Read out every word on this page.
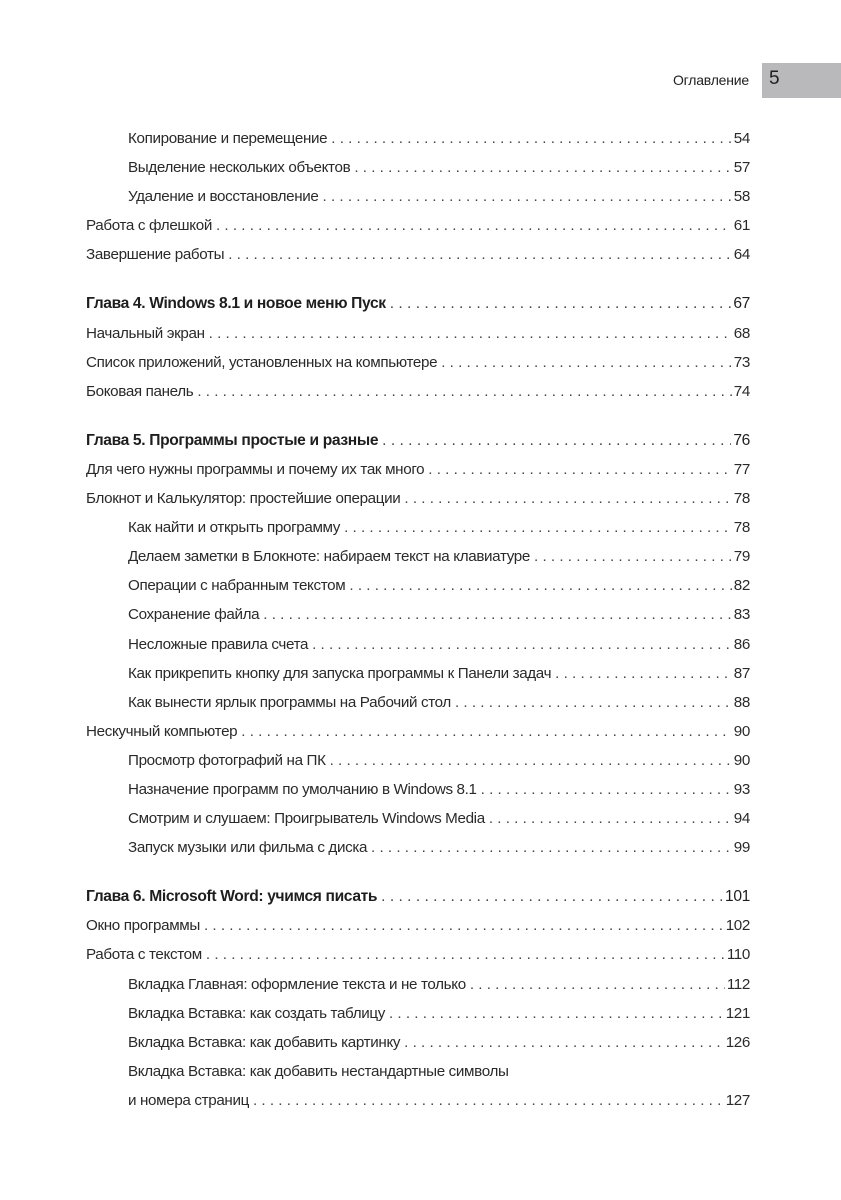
Оглавление 5
Копирование и перемещение . . .	54
Выделение нескольких объектов . . .	57
Удаление и восстановление . . .	58
Работа с флешкой . . .	61
Завершение работы . . .	64
Глава 4. Windows 8.1 и новое меню Пуск . . .	67
Начальный экран . . .	68
Список приложений, установленных на компьютере . . .	73
Боковая панель . . .	74
Глава 5. Программы простые и разные . . .	76
Для чего нужны программы и почему их так много . . .	77
Блокнот и Калькулятор: простейшие операции . . .	78
Как найти и открыть программу . . .	78
Делаем заметки в Блокноте: набираем текст на клавиатуре . . .	79
Операции с набранным текстом . . .	82
Сохранение файла . . .	83
Несложные правила счета . . .	86
Как прикрепить кнопку для запуска программы к Панели задач . . .	87
Как вынести ярлык программы на Рабочий стол . . .	88
Нескучный компьютер . . .	90
Просмотр фотографий на ПК . . .	90
Назначение программ по умолчанию в Windows 8.1 . . .	93
Смотрим и слушаем: Проигрыватель Windows Media . . .	94
Запуск музыки или фильма с диска . . .	99
Глава 6. Microsoft Word: учимся писать . . .	101
Окно программы . . .	102
Работа с текстом . . .	110
Вкладка Главная: оформление текста и не только . . .	112
Вкладка Вставка: как создать таблицу . . .	121
Вкладка Вставка: как добавить картинку . . .	126
Вкладка Вставка: как добавить нестандартные символы
и номера страниц . . .	127
